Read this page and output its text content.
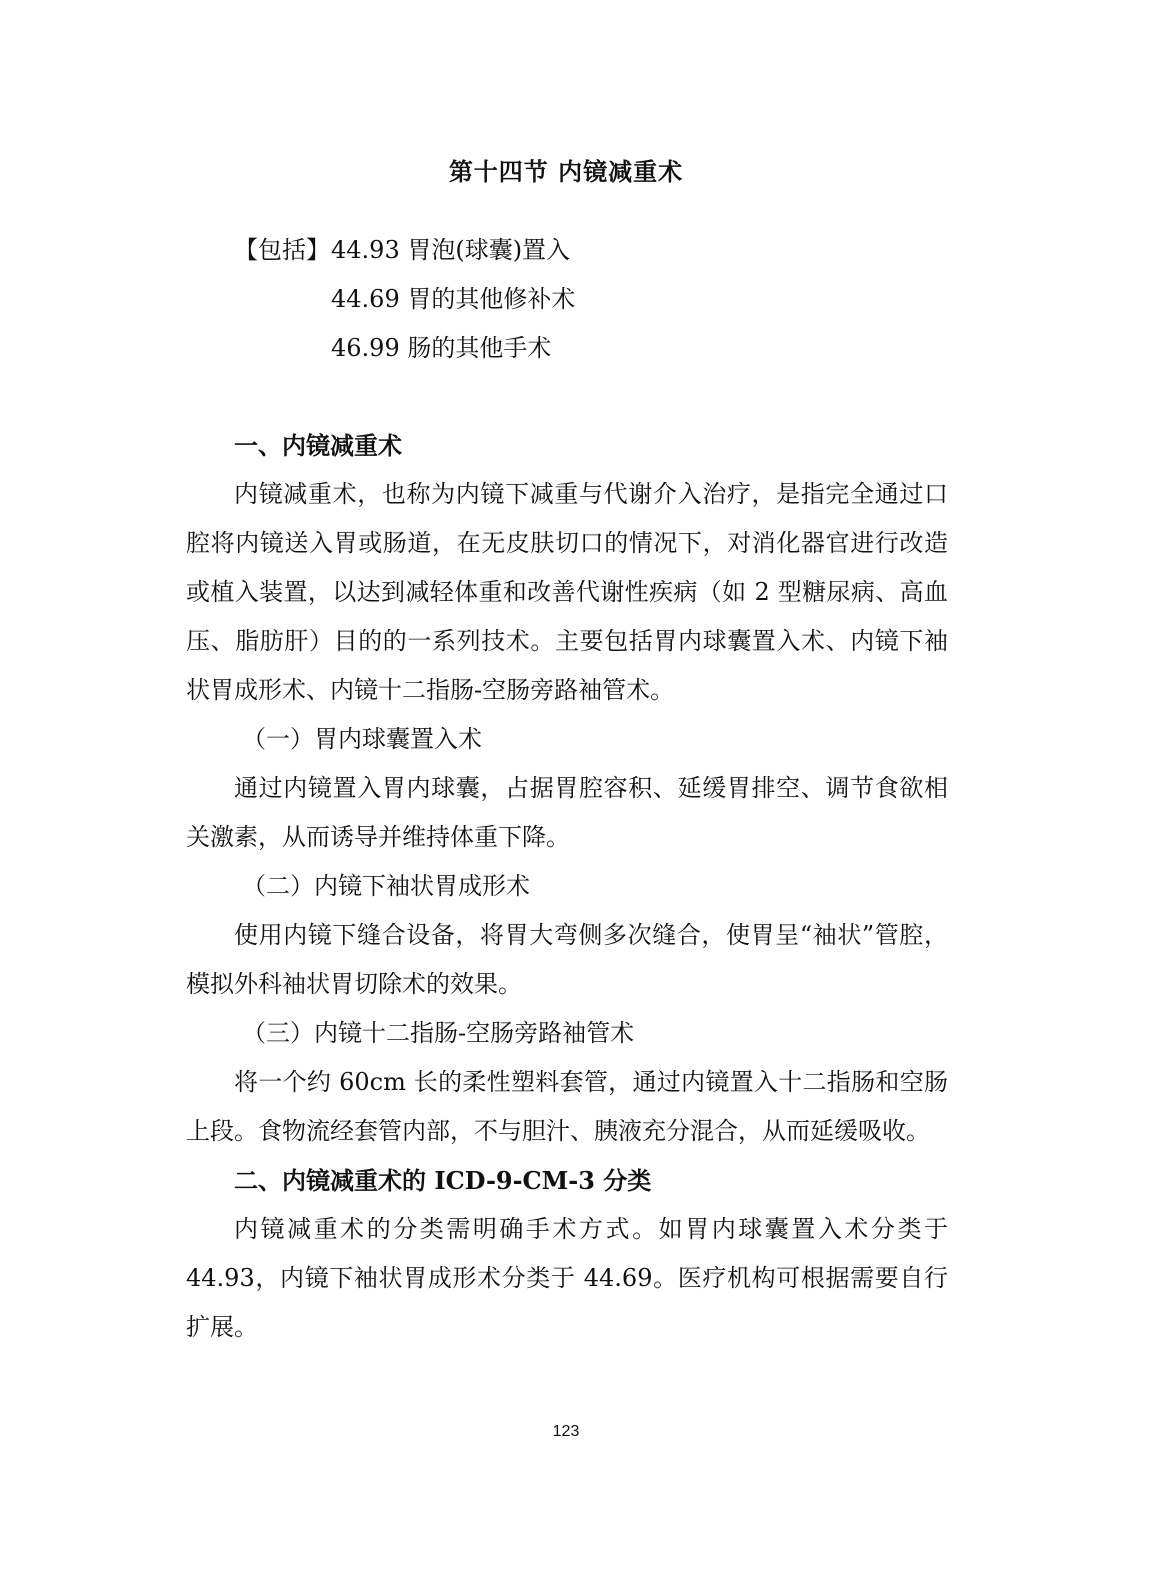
第十四节 内镜减重术
【包括】 44.93 胃泡(球囊)置入
44.69 胃的其他修补术
46.99 肠的其他手术

一、内镜减重术

内镜减重术，也称为内镜下减重与代谢介入治疗，是指完全通过口腔将内镜送入胃或肠道，在无皮肤切口的情况下，对消化器官进行改造或植入装置，以达到减轻体重和改善代谢性疾病（如 2 型糖尿病、高血压、脂肪肝）目的的一系列技术。主要包括胃内球囊置入术、内镜下袖状胃成形术、内镜十二指肠-空肠旁路袖管术。

（一）胃内球囊置入术

通过内镜置入胃内球囊，占据胃腔容积、延缓胃排空、调节食欲相关激素，从而诱导并维持体重下降。

（二）内镜下袖状胃成形术

使用内镜下缝合设备，将胃大弯侧多次缝合，使胃呈“袖状”管腔，模拟外科袖状胃切除术的效果。

（三）内镜十二指肠-空肠旁路袖管术

将一个约 60cm 长的柔性塑料套管，通过内镜置入十二指肠和空肠上段。食物流经套管内部，不与胆汁、胰液充分混合，从而延缓吸收。

二、内镜减重术的 ICD-9-CM-3 分类

内镜减重术的分类需明确手术方式。如胃内球囊置入术分类于 44.93，内镜下袖状胃成形术分类于 44.69。医疗机构可根据需要自行扩展。

123
